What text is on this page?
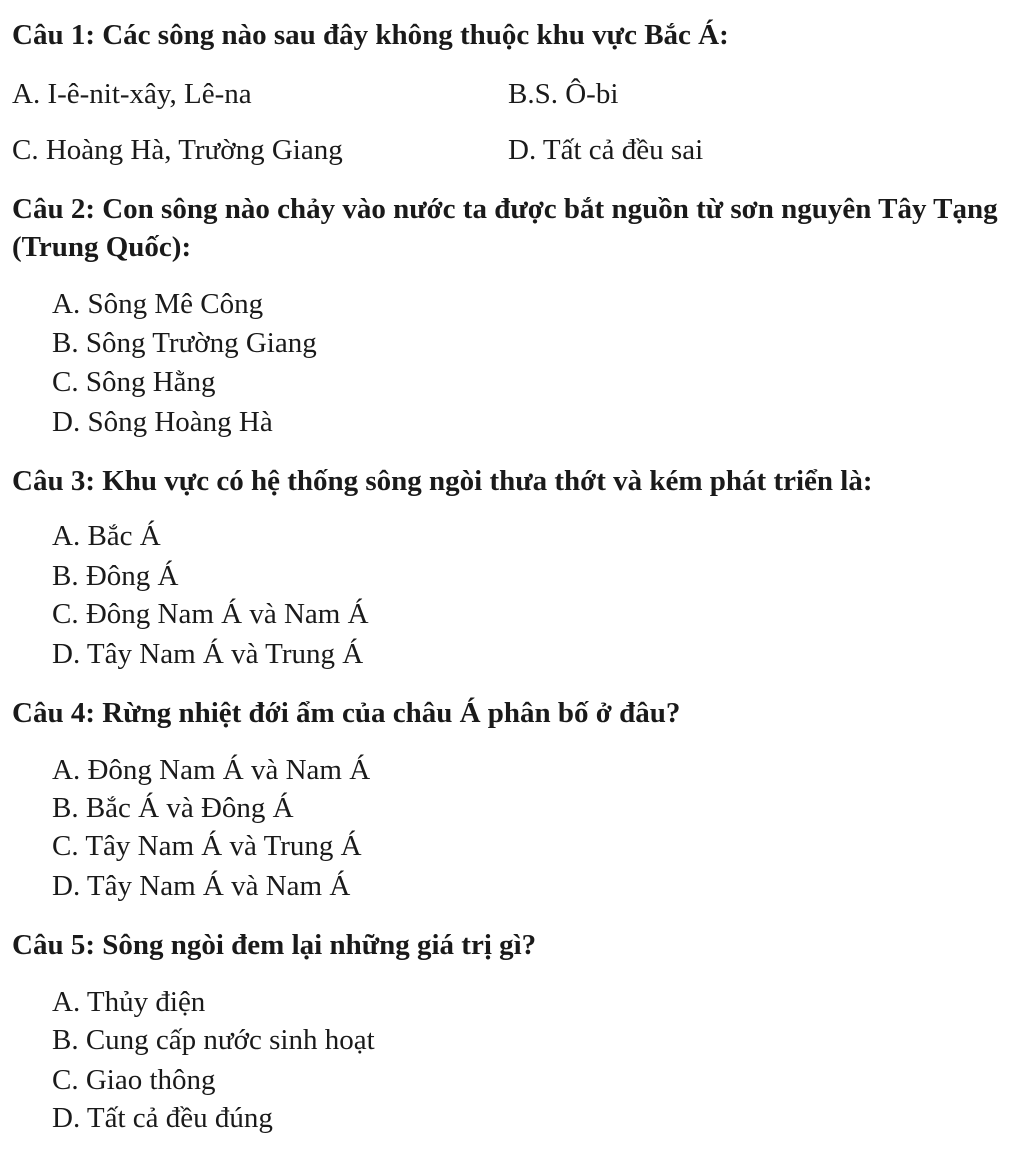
Câu 1: Các sông nào sau đây không thuộc khu vực Bắc Á:
A. I-ê-nit-xây, Lê-na	B.S. Ô-bi
C. Hoàng Hà, Trường Giang	D. Tất cả đều sai
Câu 2: Con sông nào chảy vào nước ta được bắt nguồn từ sơn nguyên Tây Tạng (Trung Quốc):
A. Sông Mê Công
B. Sông Trường Giang
C. Sông Hằng
D. Sông Hoàng Hà
Câu 3: Khu vực có hệ thống sông ngòi thưa thớt và kém phát triển là:
A. Bắc Á
B. Đông Á
C. Đông Nam Á và Nam Á
D. Tây Nam Á và Trung Á
Câu 4: Rừng nhiệt đới ẩm của châu Á phân bố ở đâu?
A. Đông Nam Á và Nam Á
B. Bắc Á và Đông Á
C. Tây Nam Á và Trung Á
D. Tây Nam Á và Nam Á
Câu 5: Sông ngòi đem lại những giá trị gì?
A. Thủy điện
B. Cung cấp nước sinh hoạt
C. Giao thông
D. Tất cả đều đúng
